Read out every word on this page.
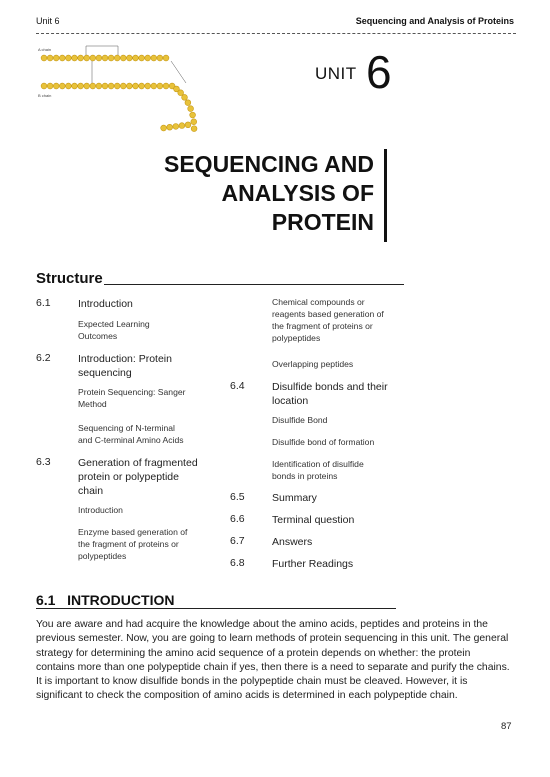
Unit 6	Sequencing and Analysis of Proteins
A chain
B chain
UNIT 6
SEQUENCING AND
ANALYSIS OF
PROTEIN
Structure
6.1	Introduction
Expected Learning
Outcomes
6.2	Introduction: Protein
sequencing
Protein Sequencing: Sanger
Method
Sequencing of N-terminal
and C-terminal Amino Acids
6.3	Generation of fragmented
protein or polypeptide
chain
Introduction
Enzyme based generation of
the fragment of proteins or
polypeptides
Chemical compounds or
reagents based generation of
the fragment of proteins or
polypeptides
Overlapping peptides
6.4	Disulfide bonds and their
location
Disulfide Bond
Disulfide bond of formation
Identification of disulfide
bonds in proteins
6.5	Summary
6.6	Terminal question
6.7	Answers
6.8	Further Readings
6.1   INTRODUCTION
You are aware and had acquire the knowledge about the amino acids, peptides and proteins in the previous semester. Now, you are going to learn methods of protein sequencing in this unit. The general strategy for determining the amino acid sequence of a protein depends on whether: the protein contains more than one polypeptide chain if yes, then there is a need to separate and purify the chains. It is important to know disulfide bonds in the polypeptide chain must be cleaved. However, it is significant to check the composition of amino acids is determined in each polypeptide chain.
87
